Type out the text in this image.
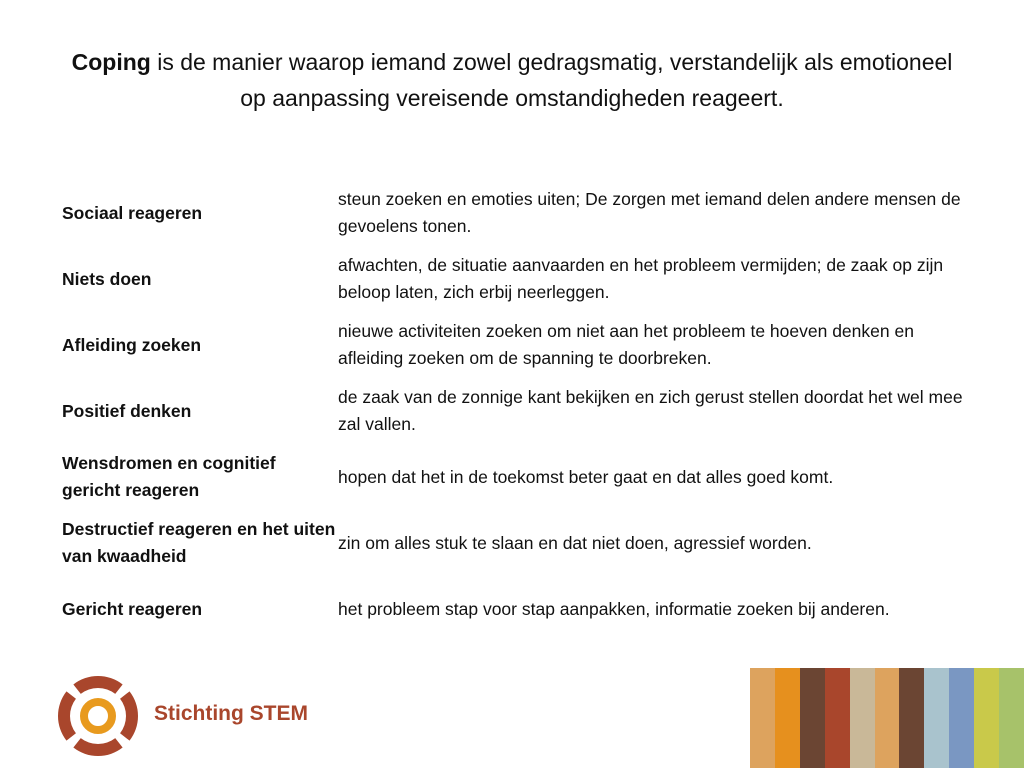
Coping is de manier waarop iemand zowel gedragsmatig, verstandelijk als emotioneel op aanpassing vereisende omstandigheden reageert.
Sociaal reageren	steun zoeken en emoties uiten; De zorgen met iemand delen andere mensen de gevoelens tonen.
Niets doen	afwachten, de situatie aanvaarden en het probleem vermijden; de zaak op zijn beloop laten, zich erbij neerleggen.
Afleiding zoeken	nieuwe activiteiten zoeken om niet aan het probleem te hoeven denken en afleiding zoeken om de spanning te doorbreken.
Positief denken	de zaak van de zonnige kant bekijken en zich gerust stellen doordat het wel mee zal vallen.
Wensdromen en cognitief gericht reageren	hopen dat het in de toekomst beter gaat en dat alles goed komt.
Destructief reageren en het uiten van kwaadheid	zin om alles stuk te slaan en dat niet doen, agressief worden.
Gericht reageren	het probleem stap voor stap aanpakken, informatie zoeken bij anderen.
Stichting STEM
